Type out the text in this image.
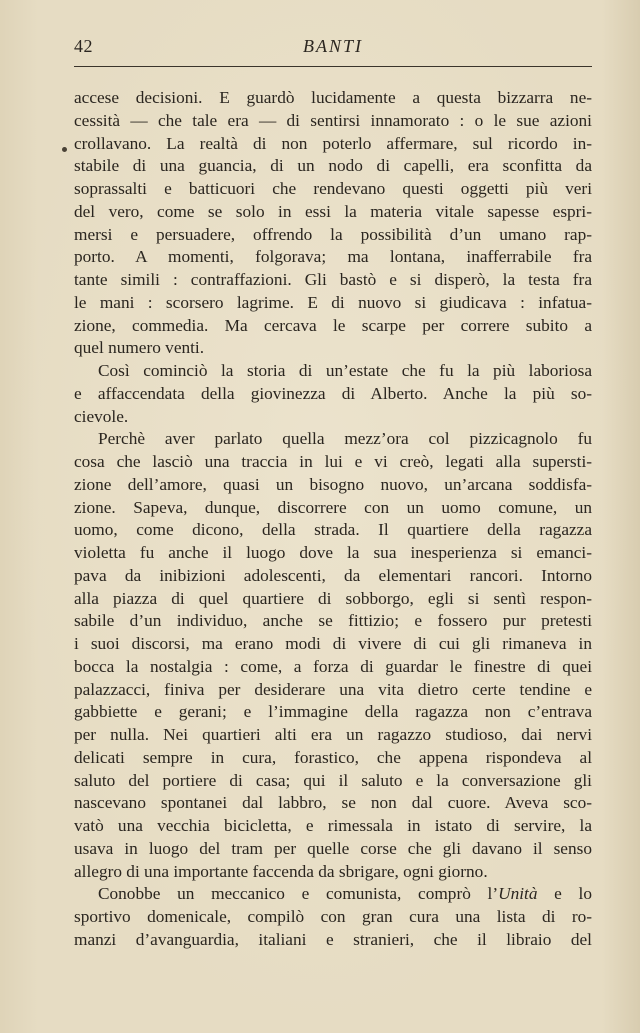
42	BANTI
accese decisioni. E guardò lucidamente a questa bizzarra ne-
cessità — che tale era — di sentirsi innamorato : o le sue azioni
crollavano. La realtà di non poterlo affermare, sul ricordo in-
stabile di una guancia, di un nodo di capelli, era sconfitta da
soprassalti e batticuori che rendevano questi oggetti più veri
del vero, come se solo in essi la materia vitale sapesse espri-
mersi e persuadere, offrendo la possibilità d’un umano rap-
porto. A momenti, folgorava; ma lontana, inafferrabile fra
tante simili : contraffazioni. Gli bastò e si disperò, la testa fra
le mani : scorsero lagrime. E di nuovo si giudicava : infatua-
zione, commedia. Ma cercava le scarpe per correre subito a
quel numero venti.
Così cominciò la storia di un’estate che fu la più laboriosa
e affaccendata della giovinezza di Alberto. Anche la più so-
cievole.
Perchè aver parlato quella mezz’ora col pizzicagnolo fu
cosa che lasciò una traccia in lui e vi creò, legati alla supersti-
zione dell’amore, quasi un bisogno nuovo, un’arcana soddisfa-
zione. Sapeva, dunque, discorrere con un uomo comune, un
uomo, come dicono, della strada. Il quartiere della ragazza
violetta fu anche il luogo dove la sua inesperienza si emanci-
pava da inibizioni adolescenti, da elementari rancori. Intorno
alla piazza di quel quartiere di sobborgo, egli si sentì respon-
sabile d’un individuo, anche se fittizio; e fossero pur pretesti
i suoi discorsi, ma erano modi di vivere di cui gli rimaneva in
bocca la nostalgia : come, a forza di guardar le finestre di quei
palazzacci, finiva per desiderare una vita dietro certe tendine e
gabbiette e gerani; e l’immagine della ragazza non c’entrava
per nulla. Nei quartieri alti era un ragazzo studioso, dai nervi
delicati sempre in cura, forastico, che appena rispondeva al
saluto del portiere di casa; qui il saluto e la conversazione gli
nascevano spontanei dal labbro, se non dal cuore. Aveva sco-
vatò una vecchia bicicletta, e rimessala in istato di servire, la
usava in luogo del tram per quelle corse che gli davano il senso
allegro di una importante faccenda da sbrigare, ogni giorno.
Conobbe un meccanico e comunista, comprò l’Unità e lo
sportivo domenicale, compilò con gran cura una lista di ro-
manzi d’avanguardia, italiani e stranieri, che il libraio del
